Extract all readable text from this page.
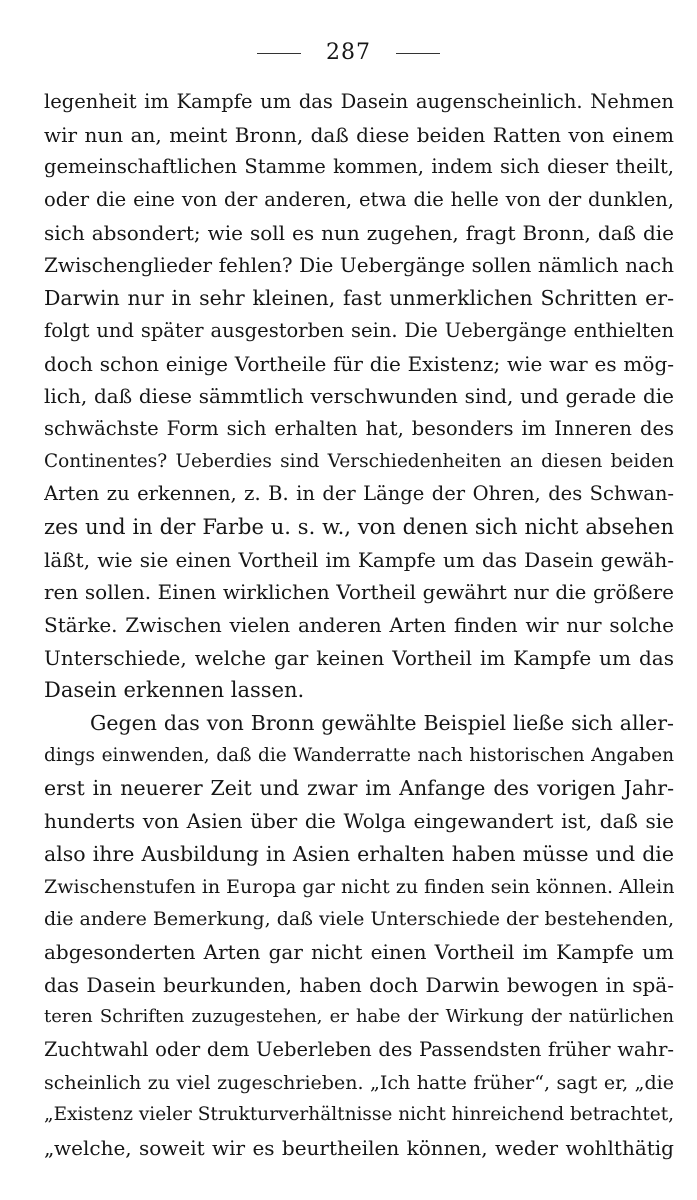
287
legenheit im Kampfe um das Dasein augenscheinlich. Nehmen
wir nun an, meint Bronn, daß diese beiden Ratten von einem
gemeinschaftlichen Stamme kommen, indem sich dieser theilt,
oder die eine von der anderen, etwa die helle von der dunklen,
sich absondert; wie soll es nun zugehen, fragt Bronn, daß die
Zwischenglieder fehlen? Die Uebergänge sollen nämlich nach
Darwin nur in sehr kleinen, fast unmerklichen Schritten er-
folgt und später ausgestorben sein. Die Uebergänge enthielten
doch schon einige Vortheile für die Existenz; wie war es mög-
lich, daß diese sämmtlich verschwunden sind, und gerade die
schwächste Form sich erhalten hat, besonders im Inneren des
Continentes? Ueberdies sind Verschiedenheiten an diesen beiden
Arten zu erkennen, z. B. in der Länge der Ohren, des Schwan-
zes und in der Farbe u. s. w., von denen sich nicht absehen
läßt, wie sie einen Vortheil im Kampfe um das Dasein gewäh-
ren sollen. Einen wirklichen Vortheil gewährt nur die größere
Stärke. Zwischen vielen anderen Arten finden wir nur solche
Unterschiede, welche gar keinen Vortheil im Kampfe um das
Dasein erkennen lassen.
Gegen das von Bronn gewählte Beispiel ließe sich aller-
dings einwenden, daß die Wanderratte nach historischen Angaben
erst in neuerer Zeit und zwar im Anfange des vorigen Jahr-
hunderts von Asien über die Wolga eingewandert ist, daß sie
also ihre Ausbildung in Asien erhalten haben müsse und die
Zwischenstufen in Europa gar nicht zu finden sein können. Allein
die andere Bemerkung, daß viele Unterschiede der bestehenden,
abgesonderten Arten gar nicht einen Vortheil im Kampfe um
das Dasein beurkunden, haben doch Darwin bewogen in spä-
teren Schriften zuzugestehen, er habe der Wirkung der natürlichen
Zuchtwahl oder dem Ueberleben des Passendsten früher wahr-
scheinlich zu viel zugeschrieben. „Ich hatte früher“, sagt er, „die
„Existenz vieler Strukturverhältnisse nicht hinreichend betrachtet,
„welche, soweit wir es beurtheilen können, weder wohlthätig
